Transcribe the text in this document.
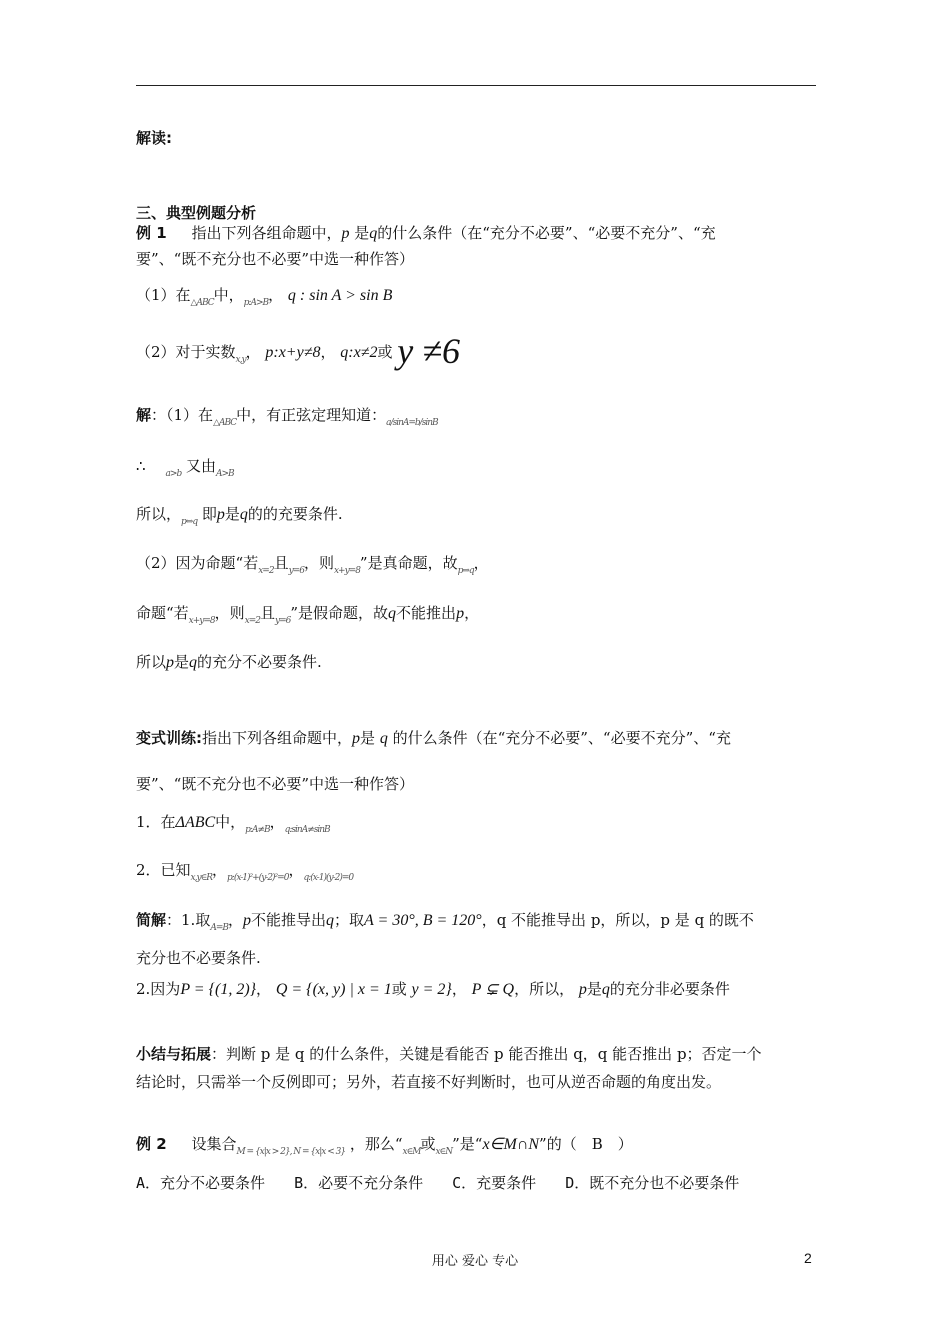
解读:
三、典型例题分析
例 1 指出下列各组命题中，p 是q的什么条件（在“充分不必要”、“必要不充分”、“充
要”、“既不充分也不必要”中选一种作答）
（1）在$_{\triangle ABC}$中，$_{p:A>B}$， q : sin A > sin B
（2）对于实数$_{x,y}$， p:x+y≠8， q:x≠2或 y ≠6
解：（1）在$_{\triangle ABC}$中，有正弦定理知道：$_{a/sinA=b/sinB}$
∴ $_{a>b}$ 又由$_{A>B}$
所以，$_{p\Leftrightarrow q}$ 即p是q的的充要条件.
（2）因为命题“若$_{x=2}$且$_{y=6}$，则$_{x+y=8}$”是真命题，故$_{p\Rightarrow q}$，
命题“若$_{x+y=8}$，则$_{x=2}$且$_{y=6}$”是假命题，故q不能推出p，
所以p是q的充分不必要条件.
变式训练:指出下列各组命题中，p是 q 的什么条件（在“充分不必要”、“必要不充分”、“充
要”、“既不充分也不必要”中选一种作答）
1．在ΔABC中，$_{p:A\ne B}$，$_{q:sinA\ne sinB}$
2．已知$_{x,y\in R}$，$_{p:(x-1)^2+(y-2)^2=0}$，$_{q:(x-1)(y-2)=0}$
简解：1.取$_{A=B}$，p不能推导出q；取A = 30°, B = 120°，q 不能推导出 p，所以，p 是 q 的既不
充分也不必要条件.
2.因为P = {(1, 2)}， Q = {(x, y) | x = 1或 y = 2}， P ⊊ Q，所以， p是q的充分非必要条件
小结与拓展：判断 p 是 q 的什么条件，关键是看能否 p 能否推出 q，q 能否推出 p；否定一个
结论时，只需举一个反例即可；另外，若直接不好判断时，也可从逆否命题的角度出发。
例 2 设集合$_{M = \{x|x > 2\}, N = \{x|x < 3\}}$ ，那么“$_{x\in M}$或$_{x\in N}$”是“x∈M∩N”的（　B　）
A．充分不必要条件 B．必要不充分条件 C．充要条件 D．既不充分也不必要条件
用心 爱心 专心	2
